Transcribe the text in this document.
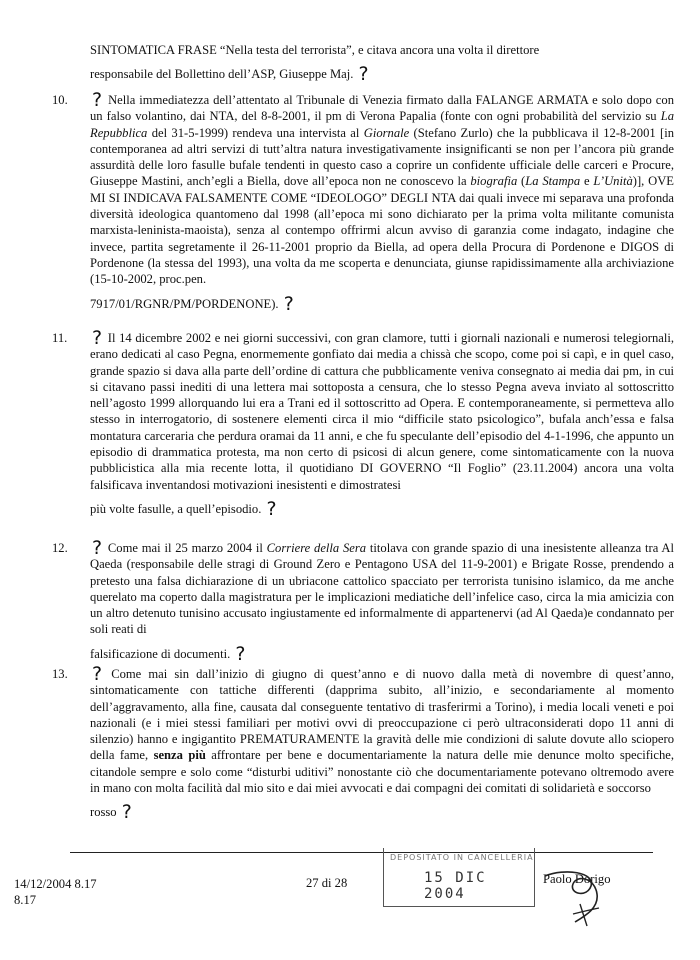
SINTOMATICA FRASE “Nella testa del terrorista”, e citava ancora una volta il direttore
responsabile del Bollettino dell’ASP, Giuseppe Maj. ?
10.	? Nella immediatezza dell’attentato al Tribunale di Venezia firmato dalla FALANGE ARMATA e solo dopo con un falso volantino, dai NTA, del 8-8-2001, il pm di Verona Papalia (fonte con ogni probabilità del servizio su La Repubblica del 31-5-1999) rendeva una intervista al Giornale (Stefano Zurlo) che la pubblicava il 12-8-2001 [in contemporanea ad altri servizi di tutt’altra natura investigativamente insignificanti se non per l’ancora più grande assurdità delle loro fasulle bufale tendenti in questo caso a coprire un confidente ufficiale delle carceri e Procure, Giuseppe Mastini, anch’egli a Biella, dove all’epoca non ne conoscevo la biografia (La Stampa e L’Unità)], OVE MI SI INDICAVA FALSAMENTE COME “IDEOLOGO” DEGLI NTA dai quali invece mi separava una profonda diversità ideologica quantomeno dal 1998 (all’epoca mi sono dichiarato per la prima volta militante comunista marxista-leninista-maoista), senza al contempo offrirmi alcun avviso di garanzia come indagato, indagine che invece, partita segretamente il 26-11-2001 proprio da Biella, ad opera della Procura di Pordenone e DIGOS di Pordenone (la stessa del 1993), una volta da me scoperta e denunciata, giunse rapidissimamente alla archiviazione (15-10-2002, proc.pen.
7917/01/RGNR/PM/PORDENONE). ?
11.	? Il 14 dicembre 2002 e nei giorni successivi, con gran clamore, tutti i giornali nazionali e numerosi telegiornali, erano dedicati al caso Pegna, enormemente gonfiato dai media a chissà che scopo, come poi si capì, e in quel caso, grande spazio si dava alla parte dell’ordine di cattura che pubblicamente veniva consegnato ai media dai pm, in cui si citavano passi inediti di una lettera mai sottoposta a censura, che lo stesso Pegna aveva inviato al sottoscritto nell’agosto 1999 allorquando lui era a Trani ed il sottoscritto ad Opera. E contemporaneamente, si permetteva allo stesso in interrogatorio, di sostenere elementi circa il mio “difficile stato psicologico”, bufala anch’essa e falsa montatura carceraria che perdura oramai da 11 anni, e che fu speculante dell’episodio del 4-1-1996, che appunto un episodio di drammatica protesta, ma non certo di psicosi di alcun genere, come sintomaticamente con la nuova pubblicistica alla mia recente lotta, il quotidiano DI GOVERNO “Il Foglio” (23.11.2004) ancora una volta falsificava inventandosi motivazioni inesistenti e dimostratesi
più volte fasulle, a quell’episodio. ?
12.	? Come mai il 25 marzo 2004 il Corriere della Sera titolava con grande spazio di una inesistente alleanza tra Al Qaeda (responsabile delle stragi di Ground Zero e Pentagono USA del 11-9-2001) e Brigate Rosse, prendendo a pretesto una falsa dichiarazione di un ubriacone cattolico spacciato per terrorista tunisino islamico, da me anche querelato ma coperto dalla magistratura per le implicazioni mediatiche dell’infelice caso, circa la mia amicizia con un altro detenuto tunisino accusato ingiustamente ed informalmente di appartenervi (ad Al Qaeda)e condannato per soli reati di
falsificazione di documenti. ?
13.	? Come mai sin dall’inizio di giugno di quest’anno e di nuovo dalla metà di novembre di quest’anno, sintomaticamente con tattiche differenti (dapprima subito, all’inizio, e secondariamente al momento dell’aggravamento, alla fine, causata dal conseguente tentativo di trasferirmi a Torino), i media locali veneti e poi nazionali (e i miei stessi familiari per motivi ovvi di preoccupazione ci però ultraconsiderati dopo 11 anni di silenzio) hanno e ingigantito PREMATURAMENTE la gravità delle mie condizioni di salute dovute allo sciopero della fame, senza più affrontare per bene e documentariamente la natura delle mie denunce molto specifiche, citandole sempre e solo come “disturbi uditivi” nonostante ciò che documentariamente potevano oltremodo avere in mano con molta facilità dal mio sito e dai miei avvocati e dai compagni dei comitati di solidarietà e soccorso
rosso ?
14/12/2004 8.17
8.17
27 di 28
DEPOSITATO IN CANCELLERIA
15 DIC 2004
Paolo Dorigo
